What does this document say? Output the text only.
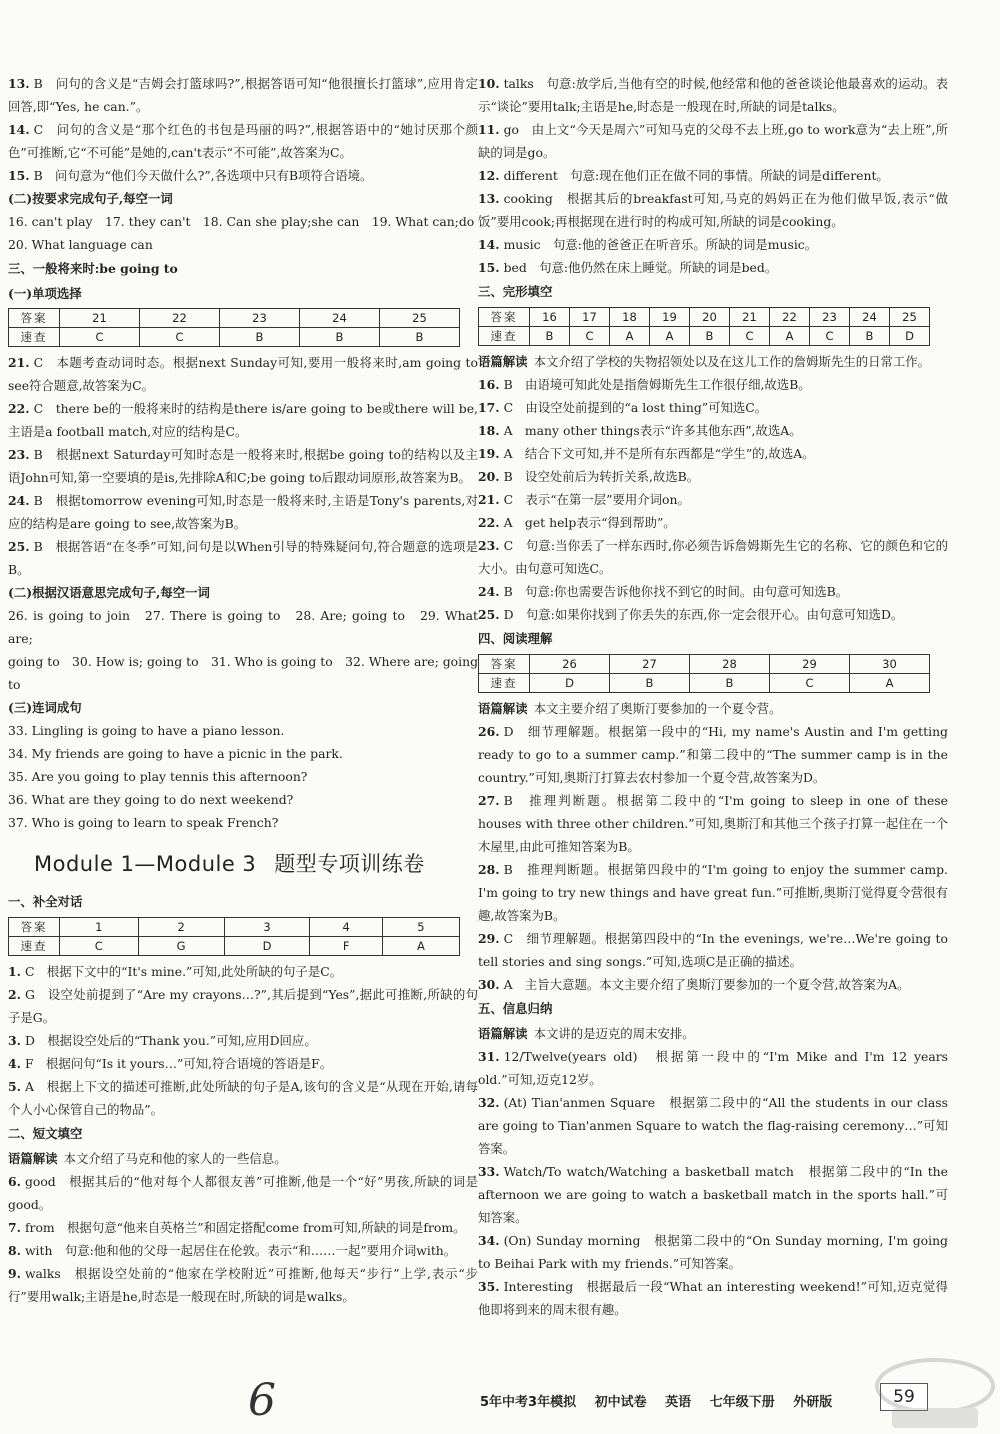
13. B　问句的含义是“吉姆会打篮球吗?”,根据答语可知“他很擅长打篮球”,应用肯定回答,即“Yes, he can.”。

14. C　问句的含义是“那个红色的书包是玛丽的吗?”,根据答语中的“她讨厌那个颜色”可推断,它“不可能”是她的,can't表示“不可能”,故答案为C。

15. B　问句意为“他们今天做什么?”,各选项中只有B项符合语境。

(二)按要求完成句子,每空一词

16. can't play　17. they can't　18. Can she play;she can　19. What can;do

20. What language can

三、一般将来时:be going to
(一)单项选择
答案	21	22	23	24	25
速查	C	C	B	B	B

21. C　本题考查动词时态。根据next Sunday可知,要用一般将来时,am going to see符合题意,故答案为C。

22. C　there be的一般将来时的结构是there is/are going to be或there will be,主语是a football match,对应的结构是C。

23. B　根据next Saturday可知时态是一般将来时,根据be going to的结构以及主语John可知,第一空要填的是is,先排除A和C;be going to后跟动词原形,故答案为B。

24. B　根据tomorrow evening可知,时态是一般将来时,主语是Tony's parents,对应的结构是are going to see,故答案为B。

25. B　根据答语“在冬季”可知,问句是以When引导的特殊疑问句,符合题意的选项是B。

(二)根据汉语意思完成句子,每空一词

26. is going to join　27. There is going to　28. Are; going to　29. What are;

going to　30. How is; going to　31. Who is going to　32. Where are; going to

(三)连词成句

33. Lingling is going to have a piano lesson.

34. My friends are going to have a picnic in the park.

35. Are you going to play tennis this afternoon?

36. What are they going to do next weekend?

37. Who is going to learn to speak French?

Module 1—Module 3 题型专项训练卷
一、补全对话
答案	1	2	3	4	5
速查	C	G	D	F	A

1. C　根据下文中的“It's mine.”可知,此处所缺的句子是C。

2. G　设空处前提到了“Are my crayons…?”,其后提到“Yes”,据此可推断,所缺的句子是G。

3. D　根据设空处后的“Thank you.”可知,应用D回应。

4. F　根据问句“Is it yours…”可知,符合语境的答语是F。

5. A　根据上下文的描述可推断,此处所缺的句子是A,该句的含义是“从现在开始,请每个人小心保管自己的物品”。

二、短文填空

语篇解读 本文介绍了马克和他的家人的一些信息。

6. good　根据其后的“他对每个人都很友善”可推断,他是一个“好”男孩,所缺的词是good。

7. from　根据句意“他来自英格兰”和固定搭配come from可知,所缺的词是from。

8. with　句意:他和他的父母一起居住在伦敦。表示“和……一起”要用介词with。

9. walks　根据设空处前的“他家在学校附近”可推断,他每天“步行”上学,表示“步行”要用walk;主语是he,时态是一般现在时,所缺的词是walks。

10. talks　句意:放学后,当他有空的时候,他经常和他的爸爸谈论他最喜欢的运动。表示“谈论”要用talk;主语是he,时态是一般现在时,所缺的词是talks。

11. go　由上文“今天是周六”可知马克的父母不去上班,go to work意为“去上班”,所缺的词是go。

12. different　句意:现在他们正在做不同的事情。所缺的词是different。

13. cooking　根据其后的breakfast可知,马克的妈妈正在为他们做早饭,表示“做饭”要用cook;再根据现在进行时的构成可知,所缺的词是cooking。

14. music　句意:他的爸爸正在听音乐。所缺的词是music。

15. bed　句意:他仍然在床上睡觉。所缺的词是bed。

三、完形填空
答案	16	17	18	19	20	21	22	23	24	25
速查	B	C	A	A	B	C	A	C	B	D

语篇解读 本文介绍了学校的失物招领处以及在这儿工作的詹姆斯先生的日常工作。

16. B　由语境可知此处是指詹姆斯先生工作很仔细,故选B。

17. C　由设空处前提到的“a lost thing”可知选C。

18. A　many other things表示“许多其他东西”,故选A。

19. A　结合下文可知,并不是所有东西都是“学生”的,故选A。

20. B　设空处前后为转折关系,故选B。

21. C　表示“在第一层”要用介词on。

22. A　get help表示“得到帮助”。

23. C　句意:当你丢了一样东西时,你必须告诉詹姆斯先生它的名称、它的颜色和它的大小。由句意可知选C。

24. B　句意:你也需要告诉他你找不到它的时间。由句意可知选B。

25. D　句意:如果你找到了你丢失的东西,你一定会很开心。由句意可知选D。

四、阅读理解
答案	26	27	28	29	30
速查	D	B	B	C	A

语篇解读 本文主要介绍了奥斯汀要参加的一个夏令营。

26. D　细节理解题。根据第一段中的“Hi, my name's Austin and I'm getting ready to go to a summer camp.”和第二段中的“The summer camp is in the country.”可知,奥斯汀打算去农村参加一个夏令营,故答案为D。

27. B　推理判断题。根据第二段中的“I'm going to sleep in one of these houses with three other children.”可知,奥斯汀和其他三个孩子打算一起住在一个木屋里,由此可推知答案为B。

28. B　推理判断题。根据第四段中的“I'm going to enjoy the summer camp. I'm going to try new things and have great fun.”可推断,奥斯汀觉得夏令营很有趣,故答案为B。

29. C　细节理解题。根据第四段中的“In the evenings, we're…We're going to tell stories and sing songs.”可知,选项C是正确的描述。

30. A　主旨大意题。本文主要介绍了奥斯汀要参加的一个夏令营,故答案为A。

五、信息归纳

语篇解读 本文讲的是迈克的周末安排。

31. 12/Twelve(years old)　根据第一段中的“I'm Mike and I'm 12 years old.”可知,迈克12岁。

32. (At) Tian'anmen Square　根据第二段中的“All the students in our class are going to Tian'anmen Square to watch the flag-raising ceremony…”可知答案。

33. Watch/To watch/Watching a basketball match　根据第二段中的“In the afternoon we are going to watch a basketball match in the sports hall.”可知答案。

34. (On) Sunday morning　根据第二段中的“On Sunday morning, I'm going to Beihai Park with my friends.”可知答案。

35. Interesting　根据最后一段“What an interesting weekend!”可知,迈克觉得他即将到来的周末很有趣。

6	5年中考3年模拟 初中试卷 英语 七年级下册 外研版	59
